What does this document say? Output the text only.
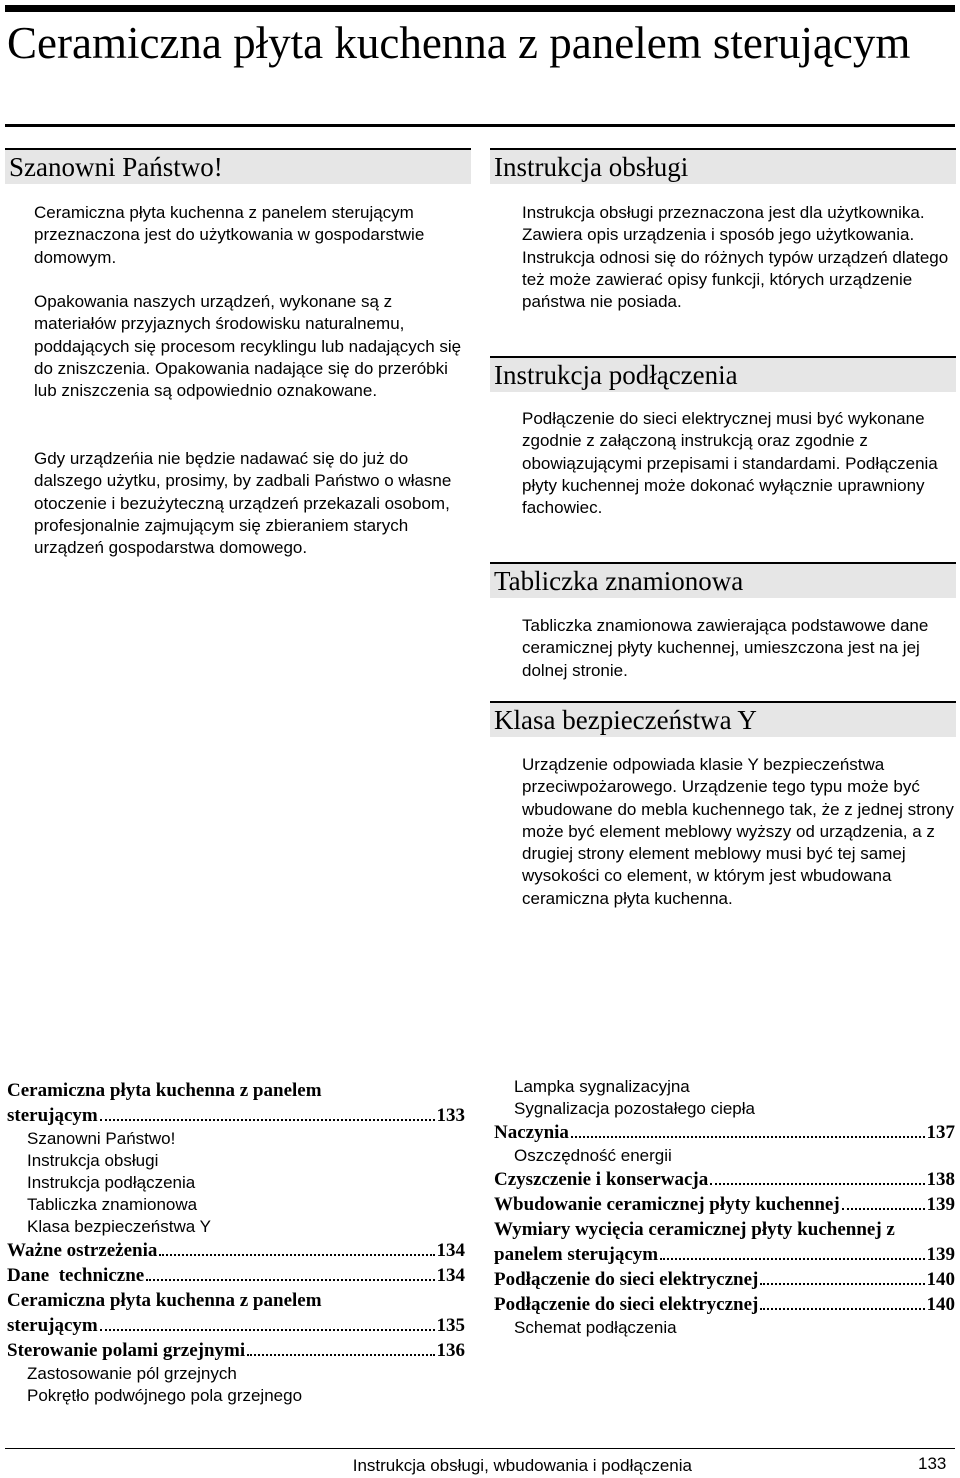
Ceramiczna płyta kuchenna z panelem sterującym
Szanowni Państwo!

Ceramiczna płyta kuchenna z panelem sterującym przeznaczona jest do użytkowania w gospodarstwie domowym.

Opakowania naszych urządzeń, wykonane są z materiałów przyjaznych środowisku naturalnemu, poddających się procesom recyklingu lub nadających się do zniszczenia. Opakowania nadające się do przeróbki lub zniszczenia są odpowiednio oznakowane.

Gdy urządzeńia nie będzie nadawać się do już do dalszego użytku, prosimy, by zadbali Państwo o własne otoczenie i bezużyteczną urządzeń przekazali osobom, profesjonalnie zajmującym się zbieraniem starych urządzeń gospodarstwa domowego.

Instrukcja obsługi

Instrukcja obsługi przeznaczona jest dla użytkownika. Zawiera opis urządzenia i sposób jego użytkowania. Instrukcja odnosi się do różnych typów urządzeń dlatego też może zawierać opisy funkcji, których urządzenie państwa nie posiada.

Instrukcja podłączenia

Podłączenie do sieci elektrycznej musi być wykonane zgodnie z załączoną instrukcją oraz zgodnie z obowiązującymi przepisami i standardami. Podłączenia płyty kuchennej może dokonać wyłącznie uprawniony fachowiec.

Tabliczka znamionowa

Tabliczka znamionowa zawierająca podstawowe dane ceramicznej płyty kuchennej, umieszczona jest na jej dolnej stronie.

Klasa bezpieczeństwa Y

Urządzenie odpowiada klasie Y bezpieczeństwa przeciwpożarowego. Urządzenie tego typu może być wbudowane do mebla kuchennego tak, że z jednej strony może być element meblowy wyższy od urządzenia, a z drugiej strony element meblowy musi być tej samej wysokości co element, w którym jest wbudowana ceramiczna płyta kuchenna.

Ceramiczna płyta kuchenna z panelem
sterującym	133
Szanowni Państwo!
Instrukcja obsługi
Instrukcja podłączenia
Tabliczka znamionowa
Klasa bezpieczeństwa Y
Ważne ostrzeżenia	134
Dane  techniczne	134
Ceramiczna płyta kuchenna z panelem
sterującym	135
Sterowanie polami grzejnymi	136
Zastosowanie pól grzejnych
Pokrętło podwójnego pola grzejnego
Lampka sygnalizacyjna
Sygnalizacja pozostałego ciepła
Naczynia	137
Oszczędność energii
Czyszczenie i konserwacja	138
Wbudowanie ceramicznej płyty kuchennej	139
Wymiary wycięcia ceramicznej płyty kuchennej z
panelem sterującym	139
Podłączenie do sieci elektrycznej	140
Podłączenie do sieci elektrycznej	140
Schemat podłączenia
Instrukcja obsługi, wbudowania i podłączenia	133
